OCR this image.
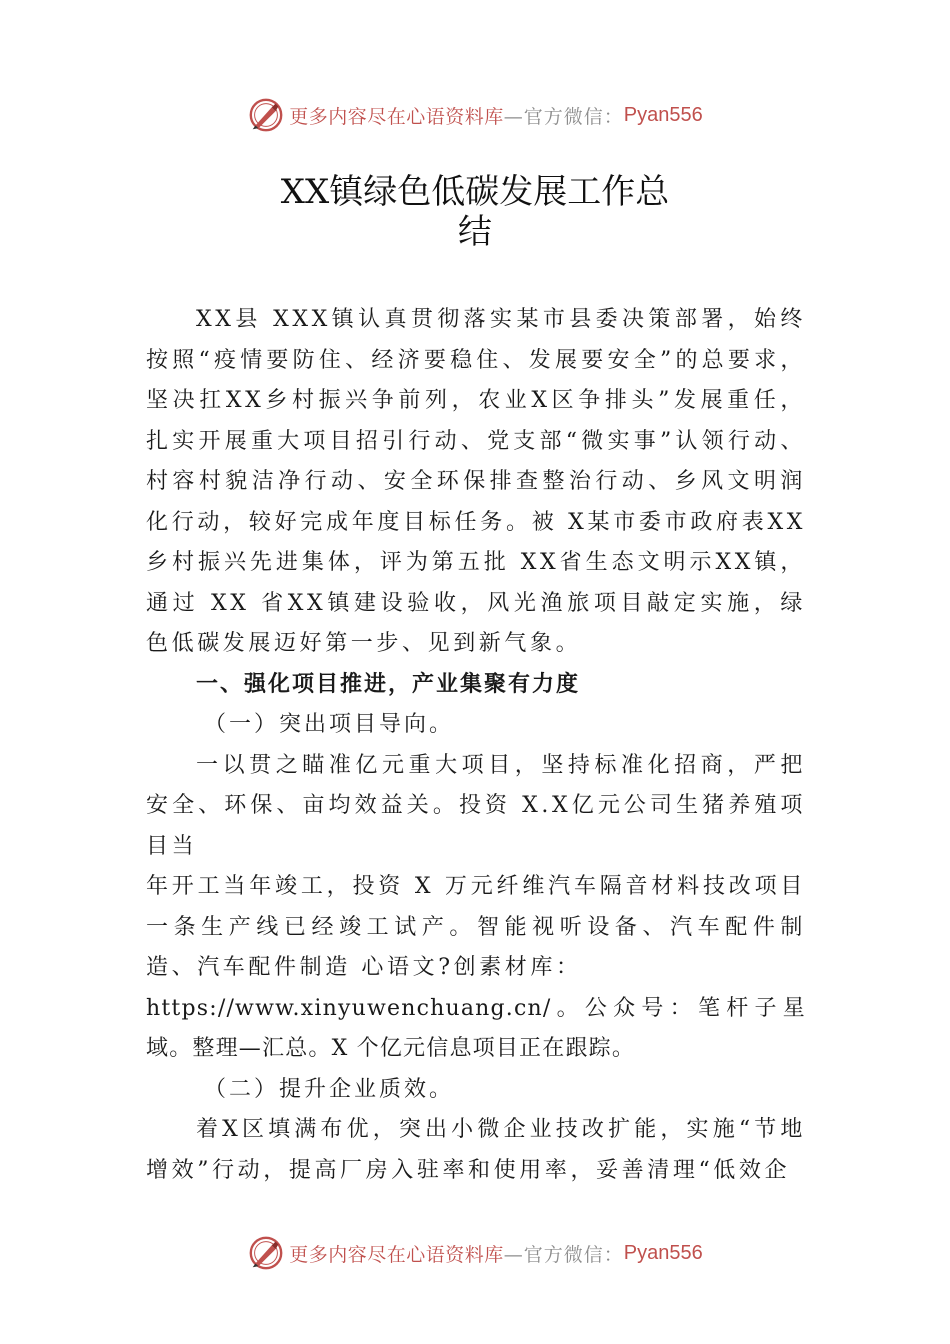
更多内容尽在心语资料库 —官方微信： Pyan556
XX镇绿色低碳发展工作总
结

XX县 XXX镇认真贯彻落实某市县委决策部署，始终按照“疫情要防住、经济要稳住、发展要安全”的总要求，坚决扛XX乡村振兴争前列，农业X区争排头”发展重任，扎实开展重大项目招引行动、党支部“微实事”认领行动、村容村貌洁净行动、安全环保排查整治行动、乡风文明润化行动，较好完成年度目标任务。被 X某市委市政府表XX乡村振兴先进集体，评为第五批 XX省生态文明示XX镇，通过 XX 省XX镇建设验收，风光渔旅项目敲定实施，绿色低碳发展迈好第一步、见到新气象。

一、强化项目推进，产业集聚有力度

（一）突出项目导向。

一以贯之瞄准亿元重大项目，坚持标准化招商，严把安全、环保、亩均效益关。投资 X.X亿元公司生猪养殖项目当

年开工当年竣工，投资 X 万元纤维汽车隔音材料技改项目一条生产线已经竣工试产。智能视听设备、汽车配件制造、汽车配件制造 心语文?创素材库：

https://www.xinyuwenchuang.cn/。公众号：笔杆子星域。整理—汇总。X 个亿元信息项目正在跟踪。

（二）提升企业质效。

着X区填满布优，突出小微企业技改扩能，实施“节地增效”行动，提高厂房入驻率和使用率，妥善清理“低效企

更多内容尽在心语资料库 —官方微信： Pyan556
